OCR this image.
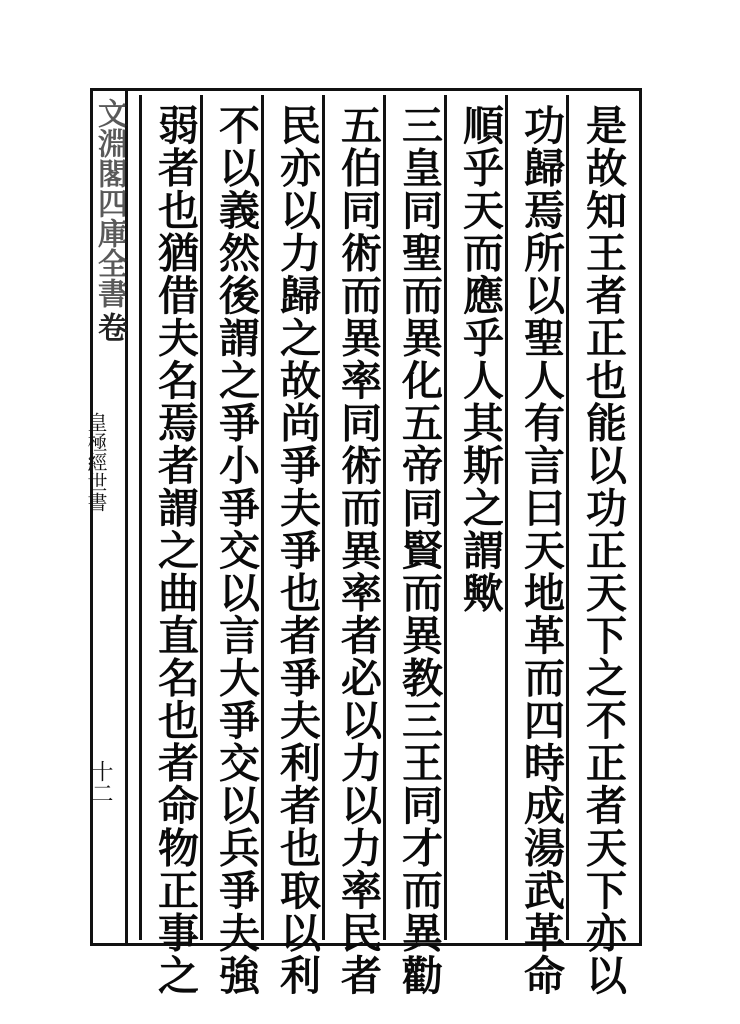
文淵閣四庫全書
卷
皇極經世書
十二	是故知王者正也能以功正天下之不正者天下亦以
功歸焉所以聖人有言曰天地革而四時成湯武革命
順乎天而應乎人其斯之謂歟
三皇同聖而異化五帝同賢而異教三王同才而異勸
五伯同術而異率同術而異率者必以力以力率民者
民亦以力歸之故尚爭夫爭也者爭夫利者也取以利
不以義然後謂之爭小爭交以言大爭交以兵爭夫強
弱者也猶借夫名焉者謂之曲直名也者命物正事之
